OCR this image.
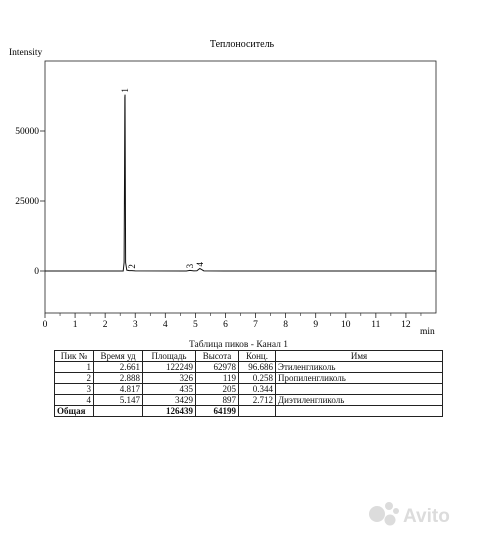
Теплоноситель
Intensity
min
0
25000
50000
0	1	2	3	4	5	6	7	8	9 10 11 12
1
2	3 4
Таблица пиков - Канал 1
Пик №	Время уд	Площадь	Высота	Конц.	Имя
1	2.661	122249	62978	96.686	Этиленгликоль
2	2.888	326	119	0.258	Пропиленгликоль
3	4.817	435	205	0.344	
4	5.147	3429	897	2.712	Диэтиленгликоль
Общая		126439	64199		
Avito
